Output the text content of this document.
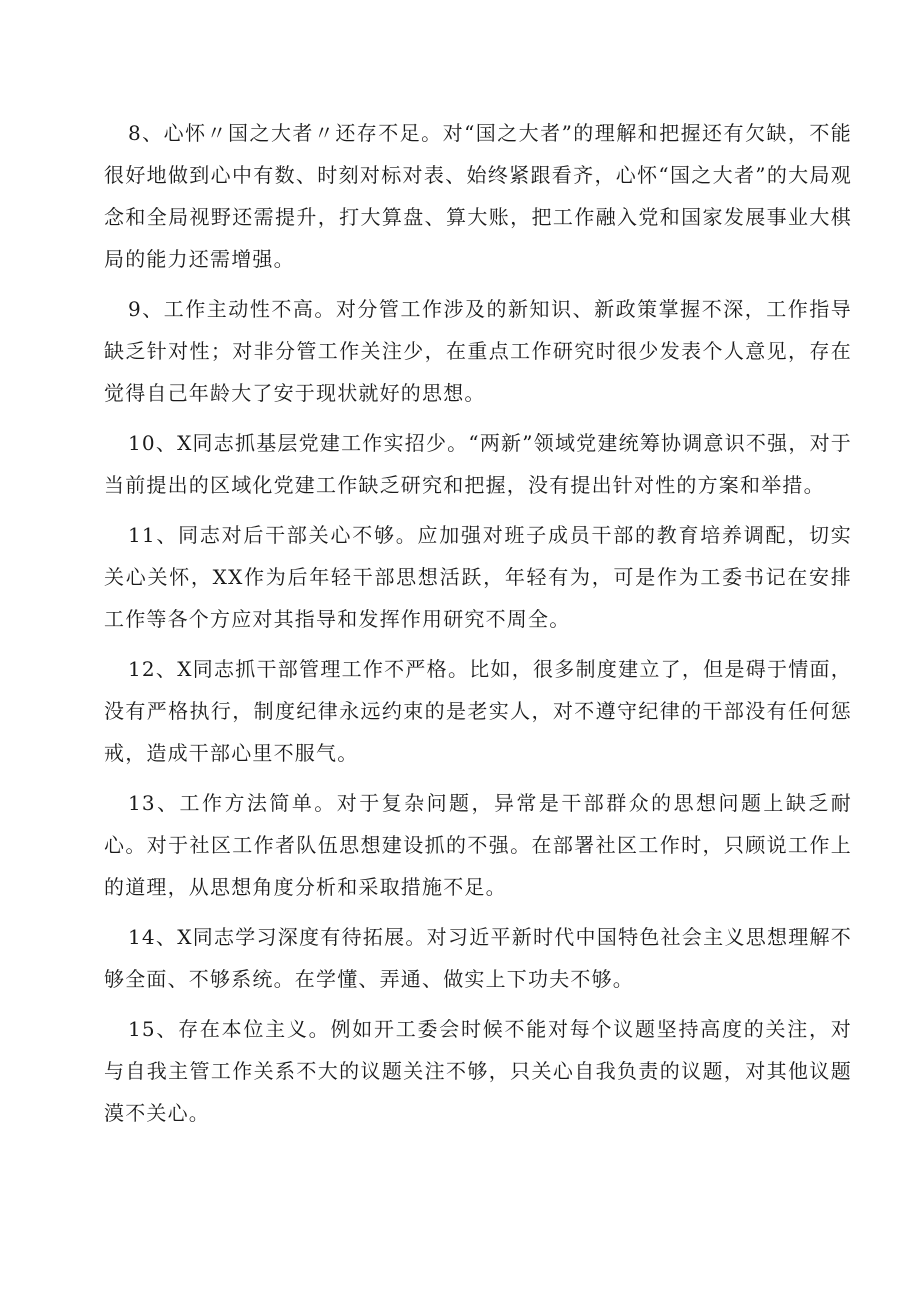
8、心怀〃国之大者〃还存不足。对“国之大者”的理解和把握还有欠缺，不能很好地做到心中有数、时刻对标对表、始终紧跟看齐，心怀“国之大者”的大局观念和全局视野还需提升，打大算盘、算大账，把工作融入党和国家发展事业大棋局的能力还需增强。

9、工作主动性不高。对分管工作涉及的新知识、新政策掌握不深，工作指导缺乏针对性；对非分管工作关注少，在重点工作研究时很少发表个人意见，存在觉得自己年龄大了安于现状就好的思想。

10、X同志抓基层党建工作实招少。“两新”领域党建统筹协调意识不强，对于当前提出的区域化党建工作缺乏研究和把握，没有提出针对性的方案和举措。

11、同志对后干部关心不够。应加强对班子成员干部的教育培养调配，切实关心关怀，XX作为后年轻干部思想活跃，年轻有为，可是作为工委书记在安排工作等各个方应对其指导和发挥作用研究不周全。

12、X同志抓干部管理工作不严格。比如，很多制度建立了，但是碍于情面，没有严格执行，制度纪律永远约束的是老实人，对不遵守纪律的干部没有任何惩戒，造成干部心里不服气。

13、工作方法简单。对于复杂问题，异常是干部群众的思想问题上缺乏耐心。对于社区工作者队伍思想建设抓的不强。在部署社区工作时，只顾说工作上的道理，从思想角度分析和采取措施不足。

14、X同志学习深度有待拓展。对习近平新时代中国特色社会主义思想理解不够全面、不够系统。在学懂、弄通、做实上下功夫不够。

15、存在本位主义。例如开工委会时候不能对每个议题坚持高度的关注，对与自我主管工作关系不大的议题关注不够，只关心自我负责的议题，对其他议题漠不关心。
